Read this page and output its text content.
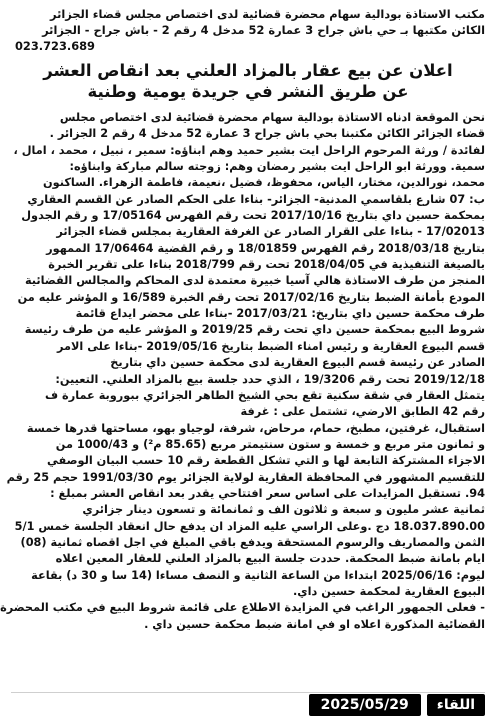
مكتب الاستاذة بودالية سهام محضرة قضائية لدى اختصاص مجلس قضاء الجزائر
الكائن مكتبها بـ حي باش جراح 3 عمارة 52 مدخل 4 رقم 2 - باش جراح - الجزائر
023.723.689
اعلان عن بيع عقار بالمزاد العلني بعد انقاص العشر
عن طريق النشر في جريدة يومية وطنية
نحن الموقعة ادناه الاستاذة بودالية سهام محضرة قضائية لدى اختصاص مجلس
قضاء الجزائر الكائن مكتبنا بحي باش جراح 3 عمارة 52 مدخل 4 رقم 2 الجزائر .
لفائدة / ورثة المرحوم الراحل ايت بشير حميد وهم ابناؤه: سمير ، نبيل ، محمد ، امال ،
سمية. وورثة ابو الراحل ايت بشير رمضان وهم: زوجته سالم مباركة وابناؤه:
محمد، نورالدين، مختار، الياس، محفوظ، فضيل ،نعيمة، فاطمة الزهراء. الساكنون
ب: 07 شارع بلقاسمي المدنية- الجزائر- بناءا على الحكم الصادر عن القسم العقاري
بمحكمة حسين داي بتاريخ 2017/10/16 تحت رقم الفهرس 17/05164 و رقم الجدول
17/02013 - بناءا على القرار الصادر عن الغرفة العقارية بمجلس قضاء الجزائر
بتاريخ 2018/03/18 رقم الفهرس 18/01859 و رقم القضية 17/06464 الممهور
بالصيغة التنفيذية في 2018/04/05 تحت رقم 2018/799 بناءا على تقرير الخبرة
المنجز من طرف الاستاذة هالي آسيا خبيرة معتمدة لدى المحاكم والمجالس القضائية
المودع بأمانة الضبط بتاريخ 2017/02/16 تحت رقم الخبرة 16/589 و المؤشر عليه من
طرف محكمة حسين داي بتاريخ: 2017/03/21 -بناءا على محضر ايداع قائمة
شروط البيع بمحكمة حسين داي تحت رقم 2019/25 و المؤشر عليه من طرف رئيسة
قسم البيوع العقارية و رئيس امناء الضبط بتاريخ 2019/05/16 -بناءا على الامر
الصادر عن رئيسة قسم البيوع العقارية لدى محكمة حسين داي بتاريخ
2019/12/18 تحت رقم 19/3206 ، الذي حدد جلسة بيع بالمزاد العلني. التعيين:
يتمثل العقار في شقة سكنية تقع بحي الشيخ الطاهر الجزائري ببوروبة عمارة ف
رقم 42 الطابق الارضي، تشتمل على : غرفة
استقبال، غرفتين، مطبخ، حمام، مرحاض، شرفة، لوجياو بهو، مساحتها قدرها خمسة
و ثمانون متر مربع و خمسة و ستون سنتيمتر مربع (85.65 م²) و 1000/43 من
الاجزاء المشتركة التابعة لها و التي تشكل القطعة رقم 10 حسب البيان الوصفي
للتقسيم المشهور في المحافظة العقارية لولاية الجزائر يوم 1991/03/30 حجم 25 رقم
94. تستقبل المزايدات على اساس سعر افتتاحي يقدر بعد انقاص العشر بمبلغ :
ثمانية عشر مليون و سبعة و ثلاثون الف و ثمانمائة و تسعون دينار جزائري
18.037.890.00 دج .وعلى الراسي عليه المزاد ان يدفع حال انعقاد الجلسة خمس 5/1
الثمن والمصاريف والرسوم المستحقة ويدفع باقي المبلغ في اجل اقصاه ثمانية (08)
ايام بامانة ضبط المحكمة. حددت جلسة البيع بالمزاد العلني للعقار المعين اعلاه
ليوم: 2025/06/16 ابتداءا من الساعة الثانية و النصف مساءا (14 سا و 30 د) بقاعة
البيوع العقارية لمحكمة حسين داي.
- فعلى الجمهور الراغب في المزايدة الاطلاع على قائمة شروط البيع في مكتب المحضرة
القضائية المذكورة اعلاه او في امانة ضبط محكمة حسين داي .
اللقاء
2025/05/29
